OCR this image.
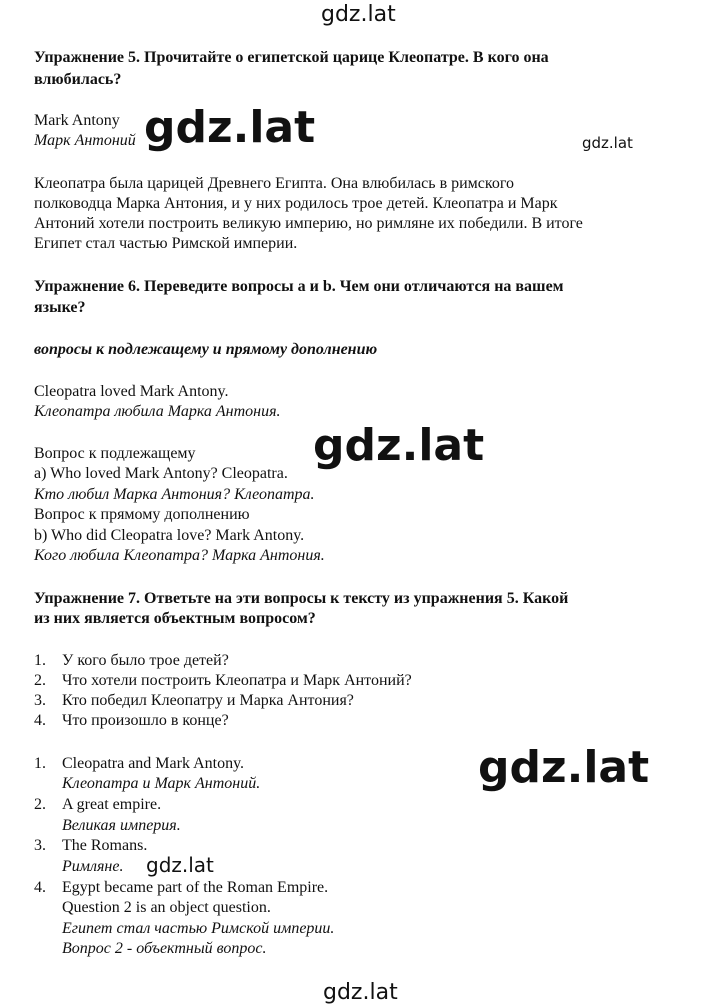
Упражнение 5. Прочитайте о египетской царице Клеопатре. В кого она
влюбилась?
Mark Antony
Марк Антоний
Клеопатра была царицей Древнего Египта. Она влюбилась в римского
полководца Марка Антония, и у них родилось трое детей. Клеопатра и Марк
Антоний хотели построить великую империю, но римляне их победили. В итоге
Египет стал частью Римской империи.
Упражнение 6. Переведите вопросы a и b. Чем они отличаются на вашем
языке?
вопросы к подлежащему и прямому дополнению
Cleopatra loved Mark Antony.
Клеопатра любила Марка Антония.
Вопрос к подлежащему
a) Who loved Mark Antony? Cleopatra.
Кто любил Марка Антония? Клеопатра.
Вопрос к прямому дополнению
b) Who did Cleopatra love? Mark Antony.
Кого любила Клеопатра? Марка Антония.
Упражнение 7. Ответьте на эти вопросы к тексту из упражнения 5. Какой
из них является объектным вопросом?
1. У кого было трое детей?
2. Что хотели построить Клеопатра и Марк Антоний?
3. Кто победил Клеопатру и Марка Антония?
4. Что произошло в конце?
1. Cleopatra and Mark Antony.
Клеопатра и Марк Антоний.
2. A great empire.
Великая империя.
3. The Romans.
Римляне.
4. Egypt became part of the Roman Empire.
Question 2 is an object question.
Египет стал частью Римской империи.
Вопрос 2 - объектный вопрос.
gdz.lat
gdz.lat	gdz.lat
gdz.lat
gdz.lat
gdz.lat
gdz.lat
